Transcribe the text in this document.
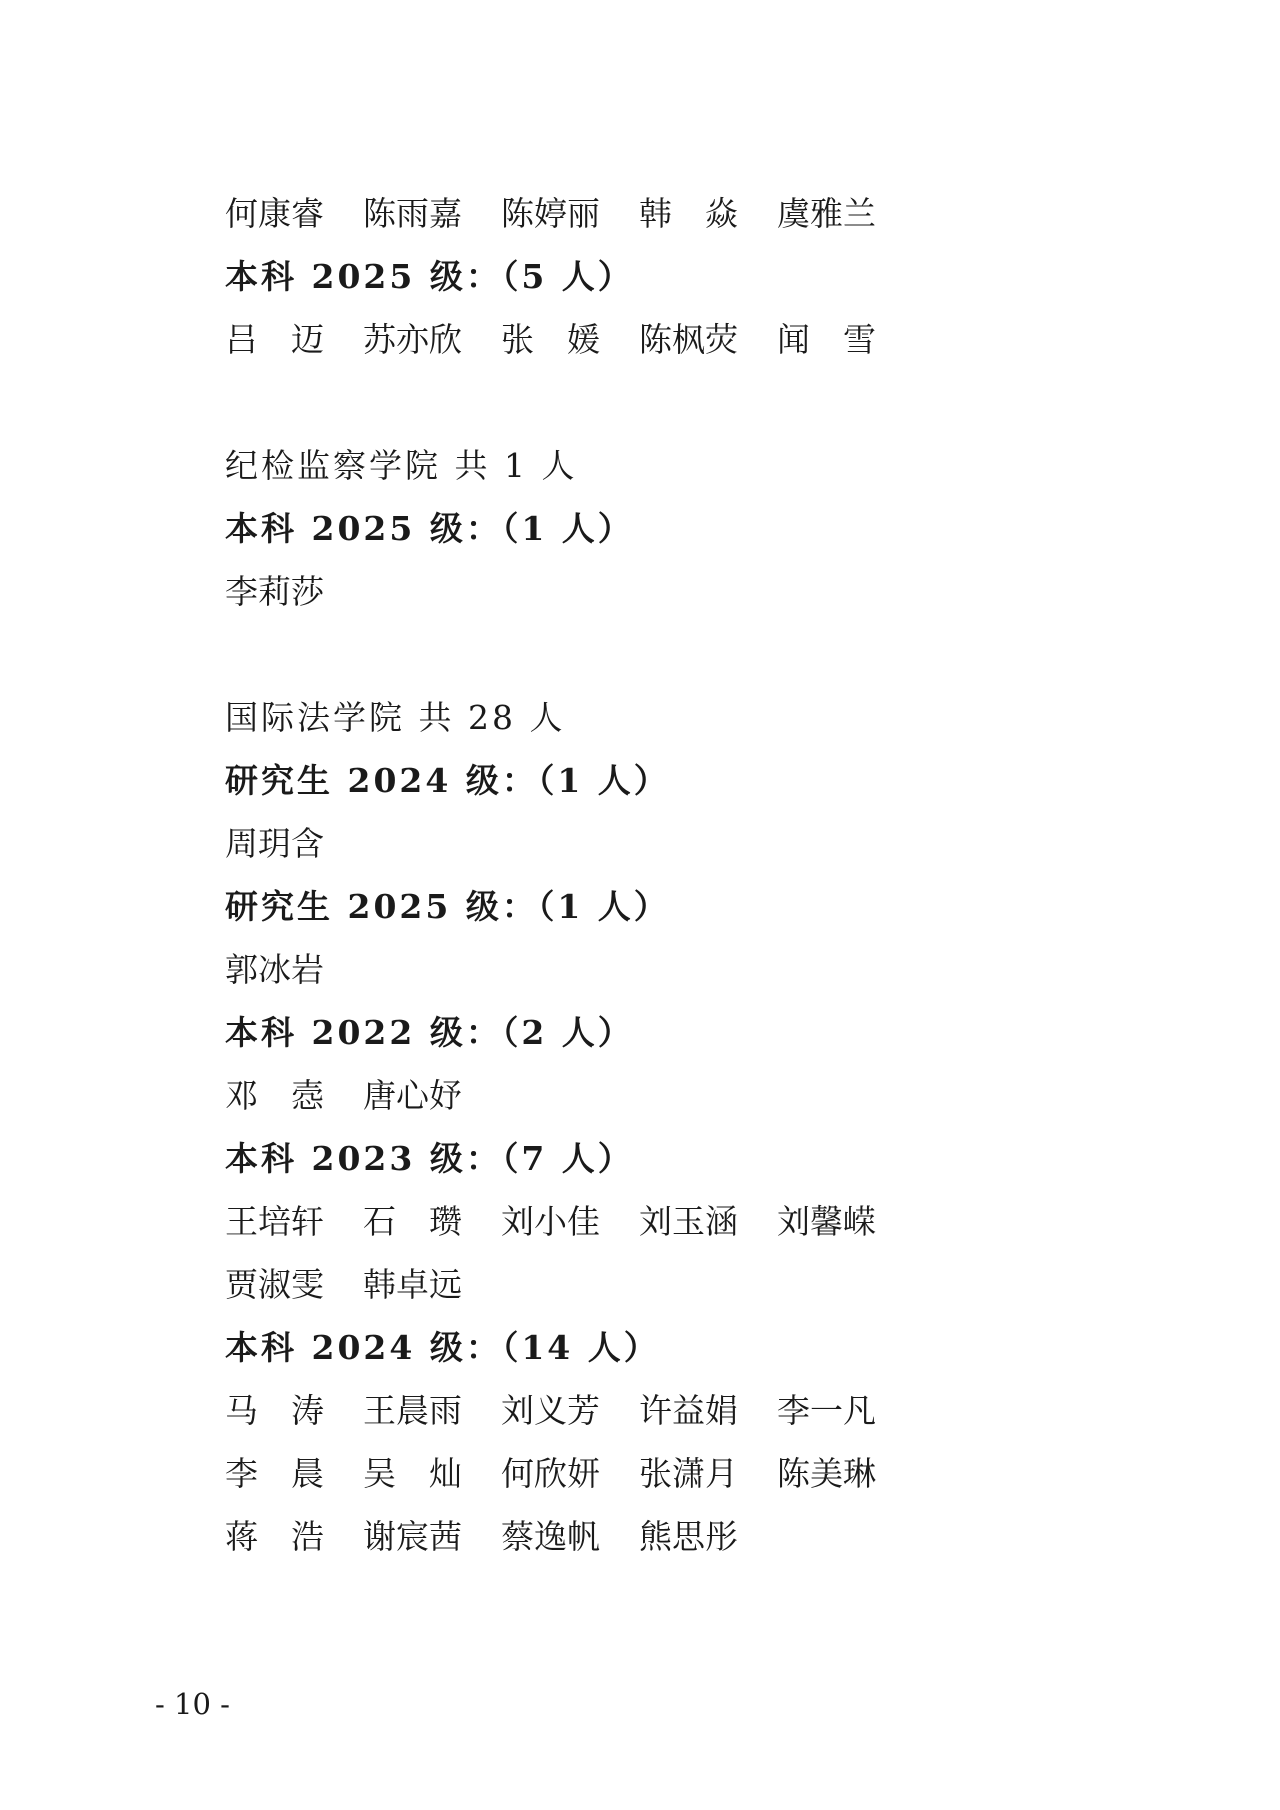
何康睿	陈雨嘉	陈婷丽	韩　焱	虞雅兰
本科 2025 级：（5 人）
吕　迈	苏亦欣	张　媛	陈枫荧	闻　雪
纪检监察学院 共 1 人
本科 2025 级：（1 人）
李莉莎
国际法学院 共 28 人
研究生 2024 级：（1 人）
周玥含
研究生 2025 级：（1 人）
郭冰岩
本科 2022 级：（2 人）
邓　悫	唐心妤
本科 2023 级：（7 人）
王培轩	石　瓒	刘小佳	刘玉涵	刘馨嵘
贾淑雯	韩卓远
本科 2024 级：（14 人）
马　涛	王晨雨	刘义芳	许益娟	李一凡
李　晨	吴　灿	何欣妍	张潇月	陈美琳
蒋　浩	谢宸茜	蔡逸帆	熊思彤
- 10 -
